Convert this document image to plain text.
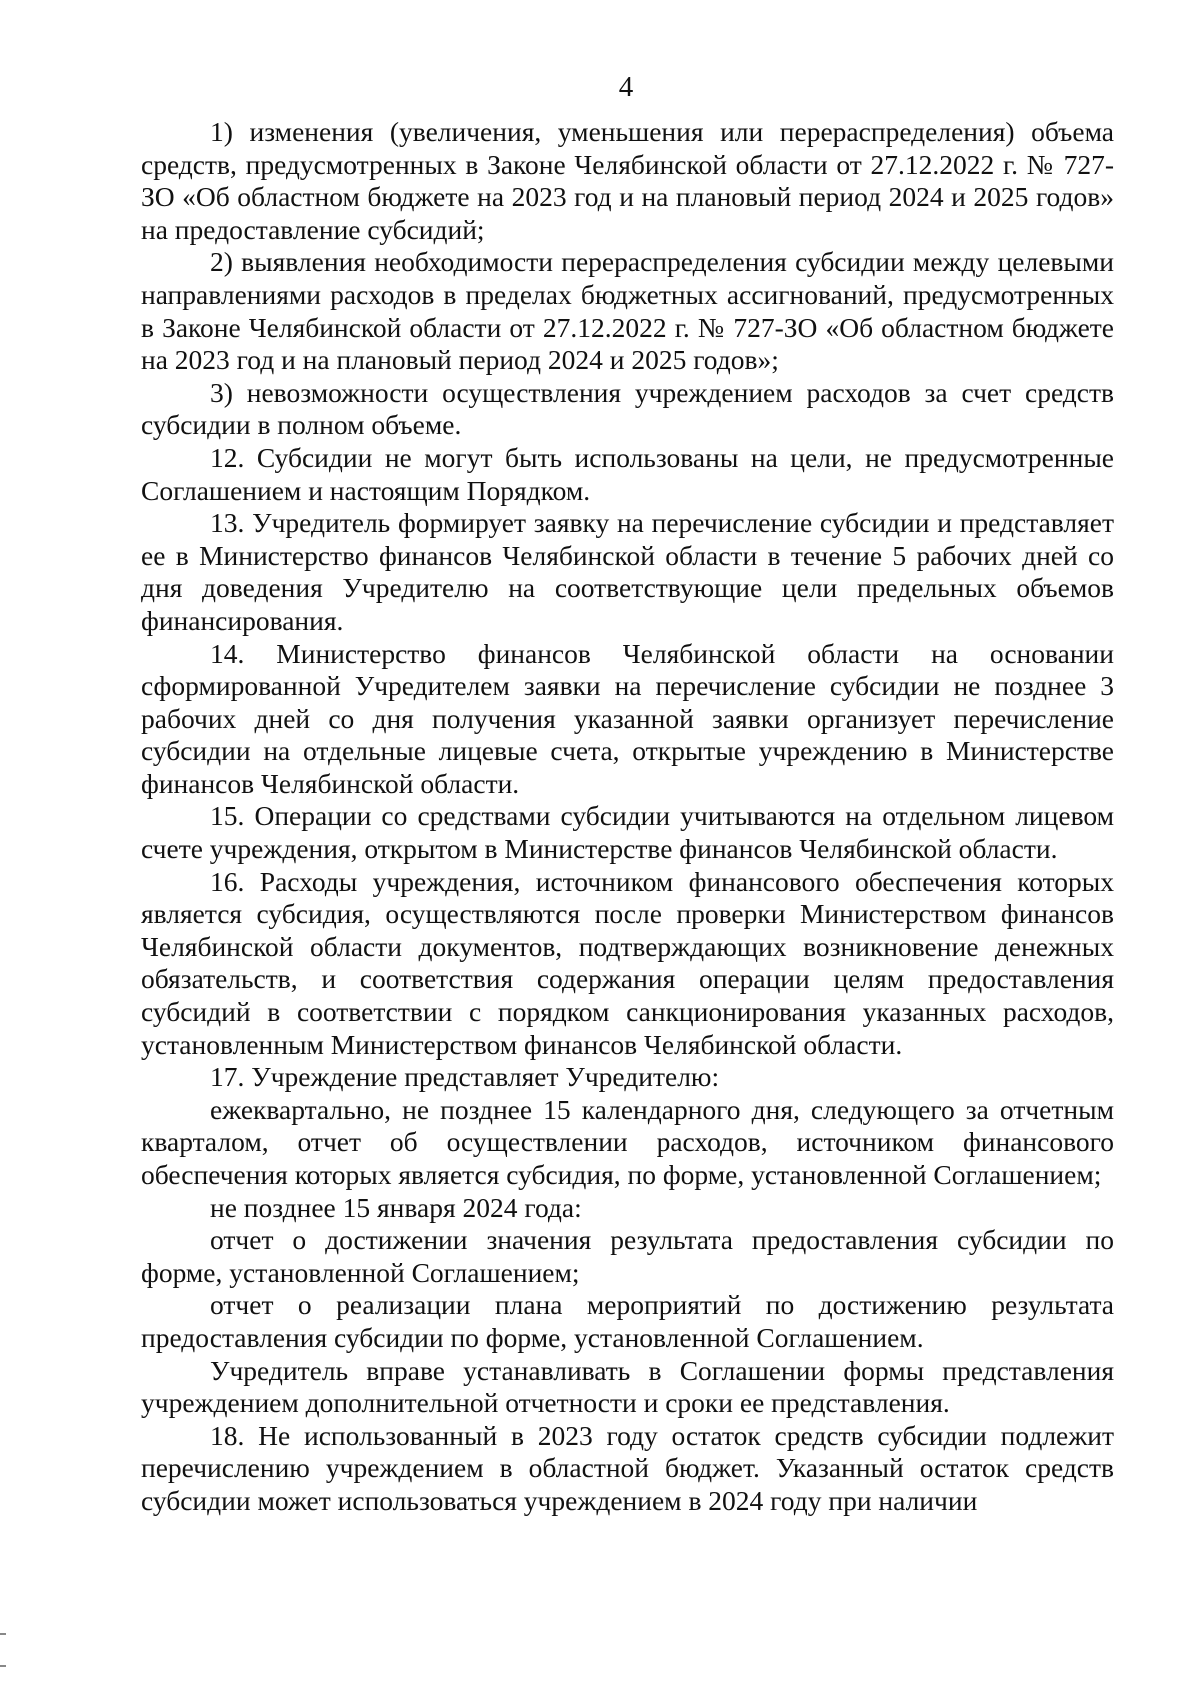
4

1) изменения (увеличения, уменьшения или перераспределения) объема средств, предусмотренных в Законе Челябинской области от 27.12.2022 г. № 727-ЗО «Об областном бюджете на 2023 год и на плановый период 2024 и 2025 годов» на предоставление субсидий;

2) выявления необходимости перераспределения субсидии между целевыми направлениями расходов в пределах бюджетных ассигнований, предусмотренных в Законе Челябинской области от 27.12.2022 г. № 727-ЗО «Об областном бюджете на 2023 год и на плановый период 2024 и 2025 годов»;

3) невозможности осуществления учреждением расходов за счет средств субсидии в полном объеме.

12. Субсидии не могут быть использованы на цели, не предусмотренные Соглашением и настоящим Порядком.

13. Учредитель формирует заявку на перечисление субсидии и представляет ее в Министерство финансов Челябинской области в течение 5 рабочих дней со дня доведения Учредителю на соответствующие цели предельных объемов финансирования.

14. Министерство финансов Челябинской области на основании сформированной Учредителем заявки на перечисление субсидии не позднее 3 рабочих дней со дня получения указанной заявки организует перечисление субсидии на отдельные лицевые счета, открытые учреждению в Министерстве финансов Челябинской области.

15. Операции со средствами субсидии учитываются на отдельном лицевом счете учреждения, открытом в Министерстве финансов Челябинской области.

16. Расходы учреждения, источником финансового обеспечения которых является субсидия, осуществляются после проверки Министерством финансов Челябинской области документов, подтверждающих возникновение денежных обязательств, и соответствия содержания операции целям предоставления субсидий в соответствии с порядком санкционирования указанных расходов, установленным Министерством финансов Челябинской области.

17. Учреждение представляет Учредителю:

ежеквартально, не позднее 15 календарного дня, следующего за отчетным кварталом, отчет об осуществлении расходов, источником финансового обеспечения которых является субсидия, по форме, установленной Соглашением;

не позднее 15 января 2024 года:

отчет о достижении значения результата предоставления субсидии по форме, установленной Соглашением;

отчет о реализации плана мероприятий по достижению результата предоставления субсидии по форме, установленной Соглашением.

Учредитель вправе устанавливать в Соглашении формы представления учреждением дополнительной отчетности и сроки ее представления.

18. Не использованный в 2023 году остаток средств субсидии подлежит перечислению учреждением в областной бюджет. Указанный остаток средств субсидии может использоваться учреждением в 2024 году при наличии
